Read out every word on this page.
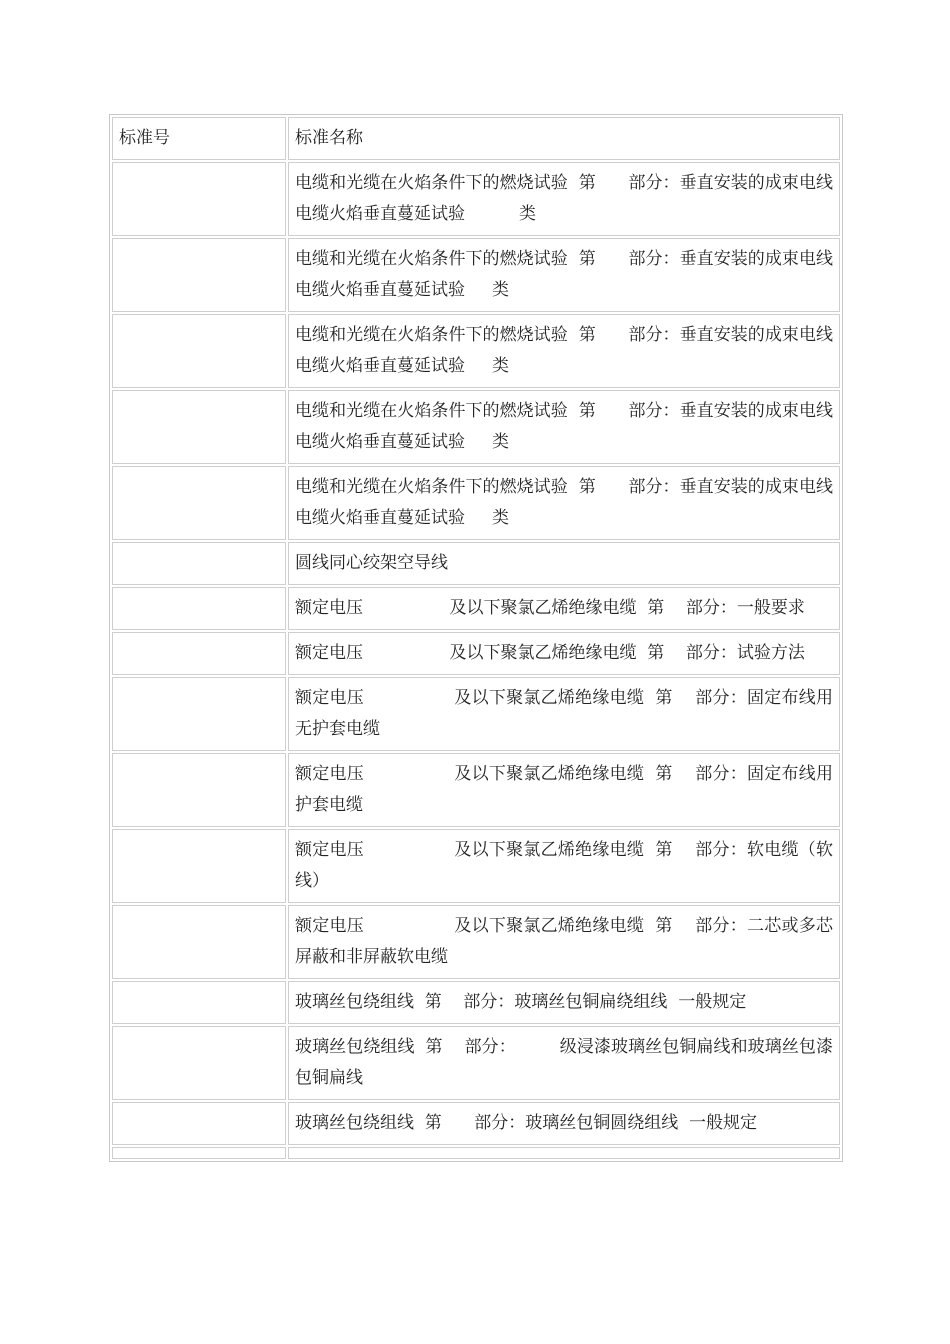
标准号	标准名称
	电缆和光缆在火焰条件下的燃烧试验  第      部分：垂直安装的成束电线电缆火焰垂直蔓延试验          类
	电缆和光缆在火焰条件下的燃烧试验  第      部分：垂直安装的成束电线电缆火焰垂直蔓延试验     类
	电缆和光缆在火焰条件下的燃烧试验  第      部分：垂直安装的成束电线电缆火焰垂直蔓延试验     类
	电缆和光缆在火焰条件下的燃烧试验  第      部分：垂直安装的成束电线电缆火焰垂直蔓延试验     类
	电缆和光缆在火焰条件下的燃烧试验  第      部分：垂直安装的成束电线电缆火焰垂直蔓延试验     类
	圆线同心绞架空导线
	额定电压                及以下聚氯乙烯绝缘电缆  第    部分：一般要求
	额定电压                及以下聚氯乙烯绝缘电缆  第    部分：试验方法
	额定电压                及以下聚氯乙烯绝缘电缆  第    部分：固定布线用无护套电缆
	额定电压                及以下聚氯乙烯绝缘电缆  第    部分：固定布线用护套电缆
	额定电压                及以下聚氯乙烯绝缘电缆  第    部分：软电缆（软线）
	额定电压                及以下聚氯乙烯绝缘电缆  第    部分：二芯或多芯屏蔽和非屏蔽软电缆
	玻璃丝包绕组线  第    部分：玻璃丝包铜扁绕组线  一般规定
	玻璃丝包绕组线  第    部分：        级浸漆玻璃丝包铜扁线和玻璃丝包漆包铜扁线
	玻璃丝包绕组线  第      部分：玻璃丝包铜圆绕组线  一般规定
